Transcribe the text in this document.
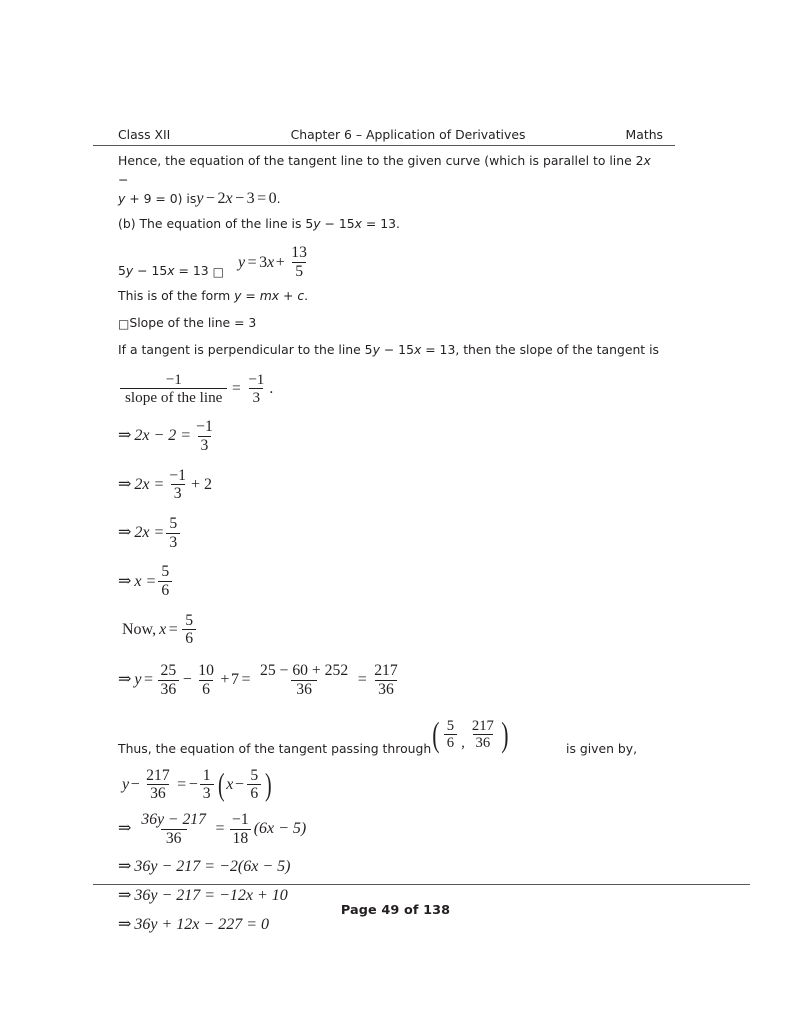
Class XII	Chapter 6 – Application of Derivatives	Maths

Hence, the equation of the tangent line to the given curve (which is parallel to line 2x −
y + 9 = 0) is y − 2 x − 3 = 0 .

(b) The equation of the line is 5y − 15x = 13.

5y − 15x = 13 □
y = 3 $x + \frac{13}{5}$

This is of the form y = mx + c.

□Slope of the line = 3

If a tangent is perpendicular to the line 5y − 15x = 13, then the slope of the tangent is

$\frac{-1}{\text{slope of the line}} = \frac{-1}{3}$ .
⇒ $2x - 2 = \frac{-1}{3}$
⇒ $2x = \frac{-1}{3} + 2$
⇒ $2x = \frac{5}{3}$
⇒ $x = \frac{5}{6}$
Now, $x = \frac{5}{6}$
⇒ $y = \frac{25}{36} - \frac{10}{6} + 7 = \frac{25 - 60 + 252}{36} = \frac{217}{36}$
Thus, the equation of the tangent passing through ( $\frac{5}{6}$ , $\frac{217}{36}$ )	is given by,
$y - \frac{217}{36}$ = − $\frac{1}{3}$ ( $x - \frac{5}{6}$ )
⇒ $\frac{36y - 217}{36} = \frac{-1}{18} (6x - 5)$
⇒ 36y − 217 = −2 (6x − 5)
⇒ 36y − 217 = −12x + 10
⇒ 36y + 12x − 227 = 0
Page 49 of 138
